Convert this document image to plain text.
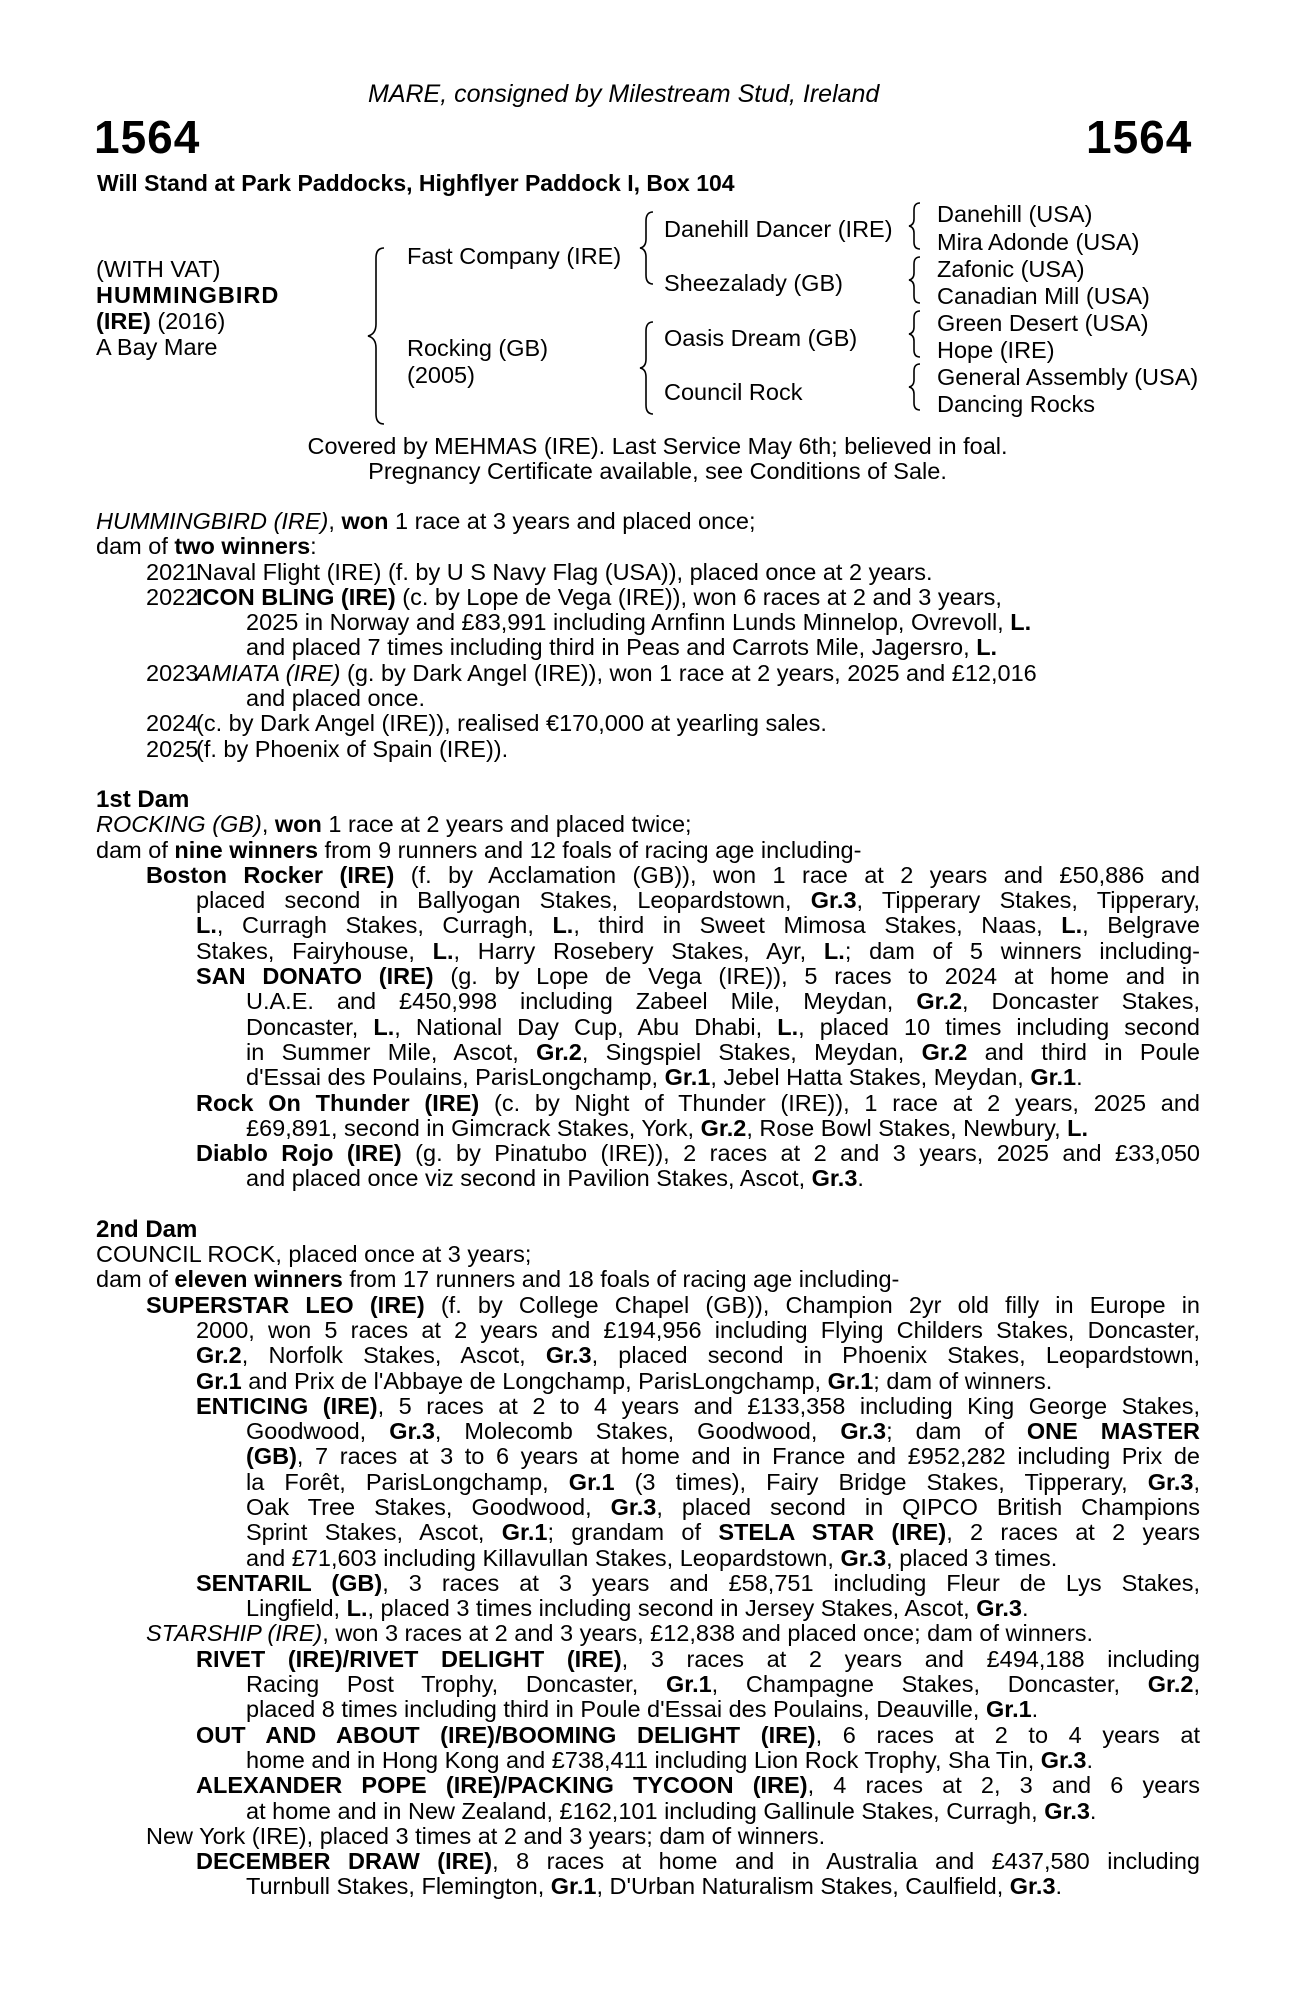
MARE, consigned by Milestream Stud, Ireland
1564	1564
Will Stand at Park Paddocks, Highflyer Paddock I, Box 104
(WITH VAT)
HUMMINGBIRD
(IRE) (2016)
A Bay Mare
Fast Company (IRE)
Rocking (GB)
(2005)
Danehill Dancer (IRE)
Sheezalady (GB)
Oasis Dream (GB)
Council Rock
Danehill (USA)
Mira Adonde (USA)
Zafonic (USA)
Canadian Mill (USA)
Green Desert (USA)
Hope (IRE)
General Assembly (USA)
Dancing Rocks
Covered by MEHMAS (IRE). Last Service May 6th; believed in foal.
Pregnancy Certificate available, see Conditions of Sale.
HUMMINGBIRD (IRE), won 1 race at 3 years and placed once;
dam of two winners:
2021Naval Flight (IRE) (f. by U S Navy Flag (USA)), placed once at 2 years.
2022ICON BLING (IRE) (c. by Lope de Vega (IRE)), won 6 races at 2 and 3 years,
2025 in Norway and £83,991 including Arnfinn Lunds Minnelop, Ovrevoll, L.
and placed 7 times including third in Peas and Carrots Mile, Jagersro, L.
2023AMIATA (IRE) (g. by Dark Angel (IRE)), won 1 race at 2 years, 2025 and £12,016
and placed once.
2024(c. by Dark Angel (IRE)), realised €170,000 at yearling sales.
2025(f. by Phoenix of Spain (IRE)).
1st Dam
ROCKING (GB), won 1 race at 2 years and placed twice;
dam of nine winners from 9 runners and 12 foals of racing age including-
Boston Rocker (IRE) (f. by Acclamation (GB)), won 1 race at 2 years and £50,886 and
placed second in Ballyogan Stakes, Leopardstown, Gr.3, Tipperary Stakes, Tipperary,
L., Curragh Stakes, Curragh, L., third in Sweet Mimosa Stakes, Naas, L., Belgrave
Stakes, Fairyhouse, L., Harry Rosebery Stakes, Ayr, L.; dam of 5 winners including-
SAN DONATO (IRE) (g. by Lope de Vega (IRE)), 5 races to 2024 at home and in
U.A.E. and £450,998 including Zabeel Mile, Meydan, Gr.2, Doncaster Stakes,
Doncaster, L., National Day Cup, Abu Dhabi, L., placed 10 times including second
in Summer Mile, Ascot, Gr.2, Singspiel Stakes, Meydan, Gr.2 and third in Poule
d'Essai des Poulains, ParisLongchamp, Gr.1, Jebel Hatta Stakes, Meydan, Gr.1.
Rock On Thunder (IRE) (c. by Night of Thunder (IRE)), 1 race at 2 years, 2025 and
£69,891, second in Gimcrack Stakes, York, Gr.2, Rose Bowl Stakes, Newbury, L.
Diablo Rojo (IRE) (g. by Pinatubo (IRE)), 2 races at 2 and 3 years, 2025 and £33,050
and placed once viz second in Pavilion Stakes, Ascot, Gr.3.
2nd Dam
COUNCIL ROCK, placed once at 3 years;
dam of eleven winners from 17 runners and 18 foals of racing age including-
SUPERSTAR LEO (IRE) (f. by College Chapel (GB)), Champion 2yr old filly in Europe in
2000, won 5 races at 2 years and £194,956 including Flying Childers Stakes, Doncaster,
Gr.2, Norfolk Stakes, Ascot, Gr.3, placed second in Phoenix Stakes, Leopardstown,
Gr.1 and Prix de l'Abbaye de Longchamp, ParisLongchamp, Gr.1; dam of winners.
ENTICING (IRE), 5 races at 2 to 4 years and £133,358 including King George Stakes,
Goodwood, Gr.3, Molecomb Stakes, Goodwood, Gr.3; dam of ONE MASTER
(GB), 7 races at 3 to 6 years at home and in France and £952,282 including Prix de
la Forêt, ParisLongchamp, Gr.1 (3 times), Fairy Bridge Stakes, Tipperary, Gr.3,
Oak Tree Stakes, Goodwood, Gr.3, placed second in QIPCO British Champions
Sprint Stakes, Ascot, Gr.1; grandam of STELA STAR (IRE), 2 races at 2 years
and £71,603 including Killavullan Stakes, Leopardstown, Gr.3, placed 3 times.
SENTARIL (GB), 3 races at 3 years and £58,751 including Fleur de Lys Stakes,
Lingfield, L., placed 3 times including second in Jersey Stakes, Ascot, Gr.3.
STARSHIP (IRE), won 3 races at 2 and 3 years, £12,838 and placed once; dam of winners.
RIVET (IRE)/RIVET DELIGHT (IRE), 3 races at 2 years and £494,188 including
Racing Post Trophy, Doncaster, Gr.1, Champagne Stakes, Doncaster, Gr.2,
placed 8 times including third in Poule d'Essai des Poulains, Deauville, Gr.1.
OUT AND ABOUT (IRE)/BOOMING DELIGHT (IRE), 6 races at 2 to 4 years at
home and in Hong Kong and £738,411 including Lion Rock Trophy, Sha Tin, Gr.3.
ALEXANDER POPE (IRE)/PACKING TYCOON (IRE), 4 races at 2, 3 and 6 years
at home and in New Zealand, £162,101 including Gallinule Stakes, Curragh, Gr.3.
New York (IRE), placed 3 times at 2 and 3 years; dam of winners.
DECEMBER DRAW (IRE), 8 races at home and in Australia and £437,580 including
Turnbull Stakes, Flemington, Gr.1, D'Urban Naturalism Stakes, Caulfield, Gr.3.
